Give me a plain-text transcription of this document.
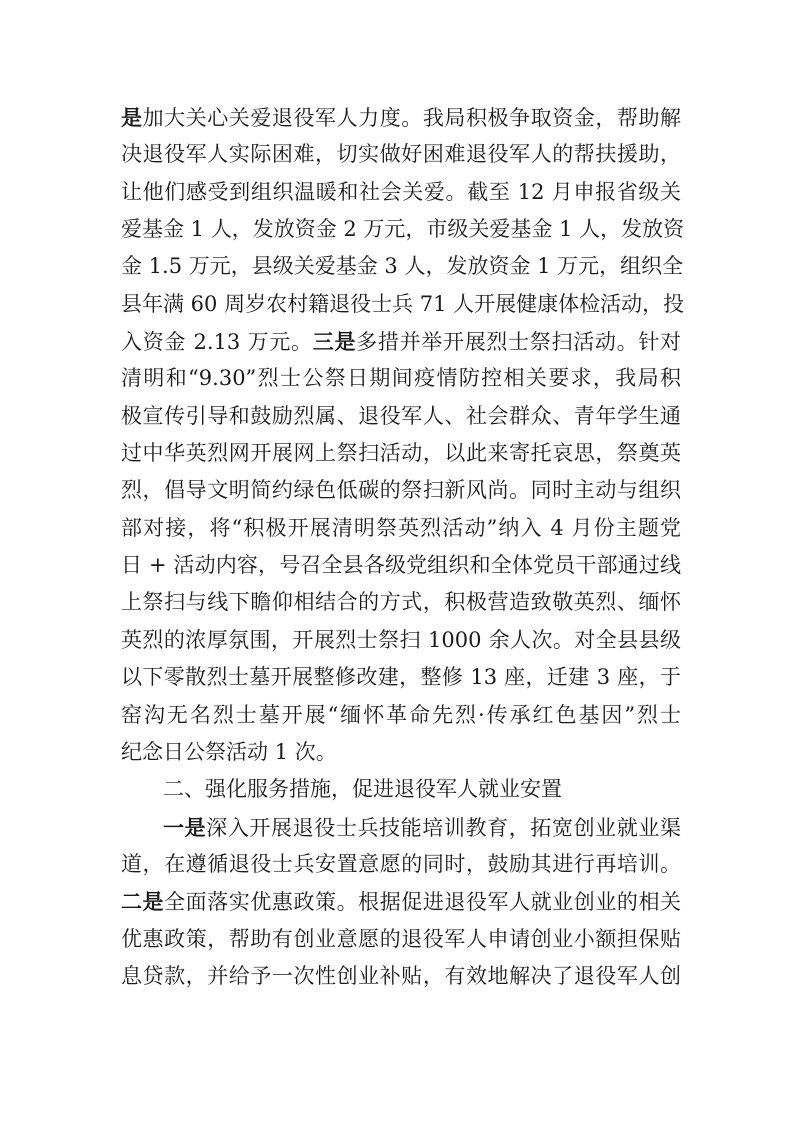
是加大关心关爱退役军人力度。我局积极争取资金，帮助解
决退役军人实际困难，切实做好困难退役军人的帮扶援助，
让他们感受到组织温暖和社会关爱。截至 12 月申报省级关
爱基金 1 人，发放资金 2 万元，市级关爱基金 1 人，发放资
金 1.5 万元，县级关爱基金 3 人，发放资金 1 万元，组织全
县年满 60 周岁农村籍退役士兵 71 人开展健康体检活动，投
入资金 2.13 万元。三是多措并举开展烈士祭扫活动。针对
清明和“9.30”烈士公祭日期间疫情防控相关要求，我局积
极宣传引导和鼓励烈属、退役军人、社会群众、青年学生通
过中华英烈网开展网上祭扫活动，以此来寄托哀思，祭奠英
烈，倡导文明简约绿色低碳的祭扫新风尚。同时主动与组织
部对接，将“积极开展清明祭英烈活动”纳入 4 月份主题党
日 + 活动内容，号召全县各级党组织和全体党员干部通过线
上祭扫与线下瞻仰相结合的方式，积极营造致敬英烈、缅怀
英烈的浓厚氛围，开展烈士祭扫 1000 余人次。对全县县级
以下零散烈士墓开展整修改建，整修 13 座，迁建 3 座，于
窑沟无名烈士墓开展“缅怀革命先烈·传承红色基因”烈士
纪念日公祭活动 1 次。
二、强化服务措施，促进退役军人就业安置
一是深入开展退役士兵技能培训教育，拓宽创业就业渠
道，在遵循退役士兵安置意愿的同时，鼓励其进行再培训。
二是全面落实优惠政策。根据促进退役军人就业创业的相关
优惠政策，帮助有创业意愿的退役军人申请创业小额担保贴
息贷款，并给予一次性创业补贴，有效地解决了退役军人创
